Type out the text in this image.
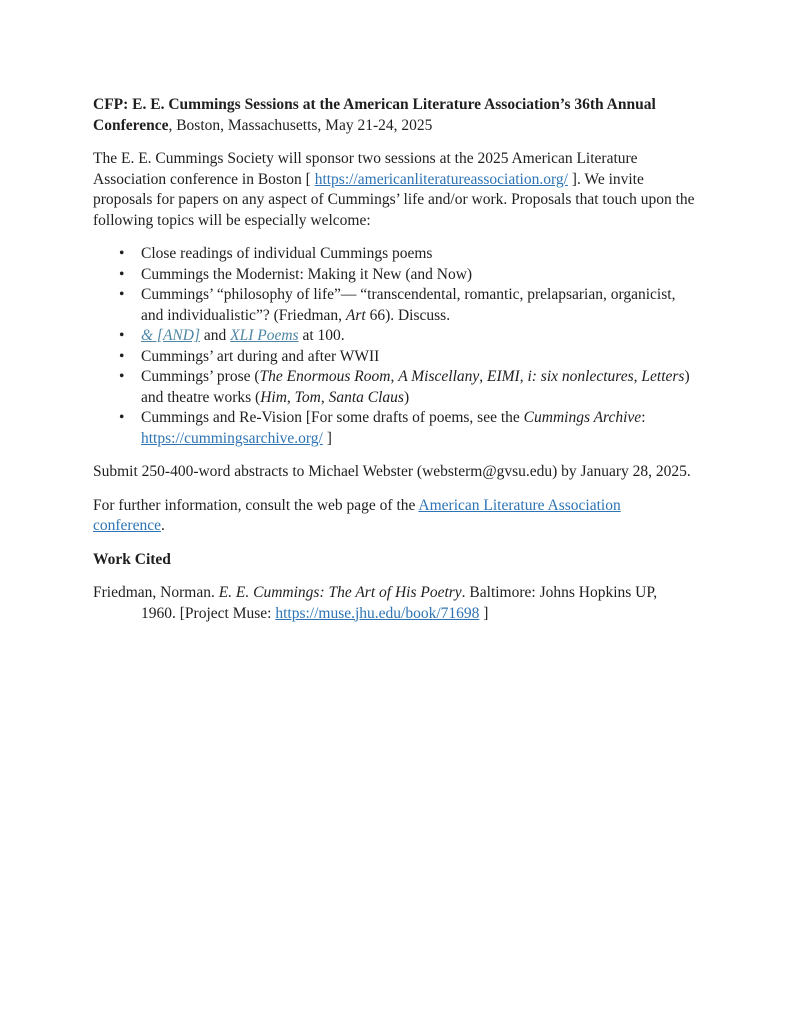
CFP: E. E. Cummings Sessions at the American Literature Association’s 36th Annual
Conference, Boston, Massachusetts, May 21-24, 2025

The E. E. Cummings Society will sponsor two sessions at the 2025 American Literature
Association conference in Boston [ https://americanliteratureassociation.org/ ]. We invite
proposals for papers on any aspect of Cummings’ life and/or work. Proposals that touch upon the
following topics will be especially welcome:

• Close readings of individual Cummings poems
• Cummings the Modernist: Making it New (and Now)
• Cummings’ “philosophy of life”— “transcendental, romantic, prelapsarian, organicist,
and individualistic”? (Friedman, Art 66). Discuss.
• & [AND] and XLI Poems at 100.
• Cummings’ art during and after WWII
• Cummings’ prose (The Enormous Room, A Miscellany, EIMI, i: six nonlectures, Letters)
and theatre works (Him, Tom, Santa Claus)
• Cummings and Re-Vision [For some drafts of poems, see the Cummings Archive:
https://cummingsarchive.org/ ]

Submit 250-400-word abstracts to Michael Webster (websterm@gvsu.edu) by January 28, 2025.

For further information, consult the web page of the American Literature Association
conference.

Work Cited

Friedman, Norman. E. E. Cummings: The Art of His Poetry. Baltimore: Johns Hopkins UP,
1960. [Project Muse: https://muse.jhu.edu/book/71698 ]
